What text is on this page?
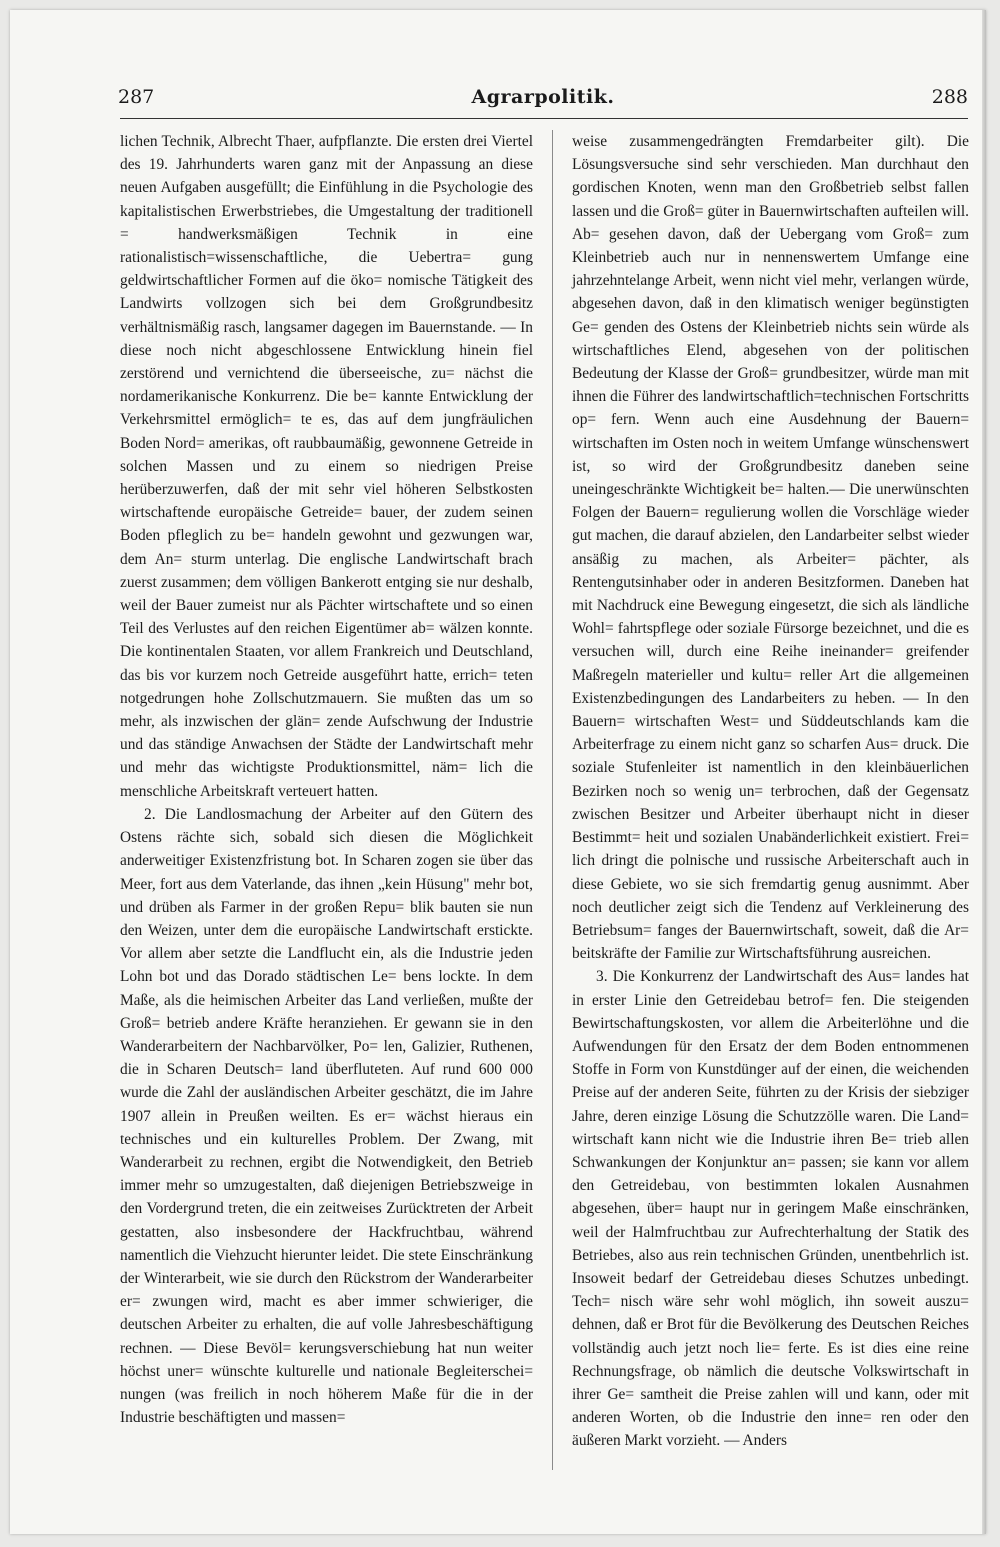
287	Agrarpolitik.	288

lichen Technik, Albrecht Thaer, aufpflanzte. Die ersten drei Viertel des 19. Jahrhunderts waren ganz mit der Anpassung an diese neuen Aufgaben ausgefüllt; die Einfühlung in die Psychologie des kapitalistischen Erwerbstriebes, die Umgestaltung der traditionell = handwerksmäßigen Technik in eine rationalistisch=wissenschaftliche, die Uebertra= gung geldwirtschaftlicher Formen auf die öko= nomische Tätigkeit des Landwirts vollzogen sich bei dem Großgrundbesitz verhältnismäßig rasch, langsamer dagegen im Bauernstande. — In diese noch nicht abgeschlossene Entwicklung hinein fiel zerstörend und vernichtend die überseeische, zu= nächst die nordamerikanische Konkurrenz. Die be= kannte Entwicklung der Verkehrsmittel ermöglich= te es, das auf dem jungfräulichen Boden Nord= amerikas, oft raubbaumäßig, gewonnene Getreide in solchen Massen und zu einem so niedrigen Preise herüberzuwerfen, daß der mit sehr viel höheren Selbstkosten wirtschaftende europäische Getreide= bauer, der zudem seinen Boden pfleglich zu be= handeln gewohnt und gezwungen war, dem An= sturm unterlag. Die englische Landwirtschaft brach zuerst zusammen; dem völligen Bankerott entging sie nur deshalb, weil der Bauer zumeist nur als Pächter wirtschaftete und so einen Teil des Verlustes auf den reichen Eigentümer ab= wälzen konnte. Die kontinentalen Staaten, vor allem Frankreich und Deutschland, das bis vor kurzem noch Getreide ausgeführt hatte, errich= teten notgedrungen hohe Zollschutzmauern. Sie mußten das um so mehr, als inzwischen der glän= zende Aufschwung der Industrie und das ständige Anwachsen der Städte der Landwirtschaft mehr und mehr das wichtigste Produktionsmittel, näm= lich die menschliche Arbeitskraft verteuert hatten.

2. Die Landlosmachung der Arbeiter auf den Gütern des Ostens rächte sich, sobald sich diesen die Möglichkeit anderweitiger Existenzfristung bot. In Scharen zogen sie über das Meer, fort aus dem Vaterlande, das ihnen „kein Hüsung" mehr bot, und drüben als Farmer in der großen Repu= blik bauten sie nun den Weizen, unter dem die europäische Landwirtschaft erstickte. Vor allem aber setzte die Landflucht ein, als die Industrie jeden Lohn bot und das Dorado städtischen Le= bens lockte. In dem Maße, als die heimischen Arbeiter das Land verließen, mußte der Groß= betrieb andere Kräfte heranziehen. Er gewann sie in den Wanderarbeitern der Nachbarvölker, Po= len, Galizier, Ruthenen, die in Scharen Deutsch= land überfluteten. Auf rund 600 000 wurde die Zahl der ausländischen Arbeiter geschätzt, die im Jahre 1907 allein in Preußen weilten. Es er= wächst hieraus ein technisches und ein kulturelles Problem. Der Zwang, mit Wanderarbeit zu rechnen, ergibt die Notwendigkeit, den Betrieb immer mehr so umzugestalten, daß diejenigen Betriebszweige in den Vordergrund treten, die ein zeitweises Zurücktreten der Arbeit gestatten, also insbesondere der Hackfruchtbau, während namentlich die Viehzucht hierunter leidet. Die stete Einschränkung der Winterarbeit, wie sie durch den Rückstrom der Wanderarbeiter er= zwungen wird, macht es aber immer schwieriger, die deutschen Arbeiter zu erhalten, die auf volle Jahresbeschäftigung rechnen. — Diese Bevöl= kerungsverschiebung hat nun weiter höchst uner= wünschte kulturelle und nationale Begleiterschei= nungen (was freilich in noch höherem Maße für die in der Industrie beschäftigten und massen=

weise zusammengedrängten Fremdarbeiter gilt). Die Lösungsversuche sind sehr verschieden. Man durchhaut den gordischen Knoten, wenn man den Großbetrieb selbst fallen lassen und die Groß= güter in Bauernwirtschaften aufteilen will. Ab= gesehen davon, daß der Uebergang vom Groß= zum Kleinbetrieb auch nur in nennenswertem Umfange eine jahrzehntelange Arbeit, wenn nicht viel mehr, verlangen würde, abgesehen davon, daß in den klimatisch weniger begünstigten Ge= genden des Ostens der Kleinbetrieb nichts sein würde als wirtschaftliches Elend, abgesehen von der politischen Bedeutung der Klasse der Groß= grundbesitzer, würde man mit ihnen die Führer des landwirtschaftlich=technischen Fortschritts op= fern. Wenn auch eine Ausdehnung der Bauern= wirtschaften im Osten noch in weitem Umfange wünschenswert ist, so wird der Großgrundbesitz daneben seine uneingeschränkte Wichtigkeit be= halten.— Die unerwünschten Folgen der Bauern= regulierung wollen die Vorschläge wieder gut machen, die darauf abzielen, den Landarbeiter selbst wieder ansäßig zu machen, als Arbeiter= pächter, als Rentengutsinhaber oder in anderen Besitzformen. Daneben hat mit Nachdruck eine Bewegung eingesetzt, die sich als ländliche Wohl= fahrtspflege oder soziale Fürsorge bezeichnet, und die es versuchen will, durch eine Reihe ineinander= greifender Maßregeln materieller und kultu= reller Art die allgemeinen Existenzbedingungen des Landarbeiters zu heben. — In den Bauern= wirtschaften West= und Süddeutschlands kam die Arbeiterfrage zu einem nicht ganz so scharfen Aus= druck. Die soziale Stufenleiter ist namentlich in den kleinbäuerlichen Bezirken noch so wenig un= terbrochen, daß der Gegensatz zwischen Besitzer und Arbeiter überhaupt nicht in dieser Bestimmt= heit und sozialen Unabänderlichkeit existiert. Frei= lich dringt die polnische und russische Arbeiterschaft auch in diese Gebiete, wo sie sich fremdartig genug ausnimmt. Aber noch deutlicher zeigt sich die Tendenz auf Verkleinerung des Betriebsum= fanges der Bauernwirtschaft, soweit, daß die Ar= beitskräfte der Familie zur Wirtschaftsführung ausreichen.

3. Die Konkurrenz der Landwirtschaft des Aus= landes hat in erster Linie den Getreidebau betrof= fen. Die steigenden Bewirtschaftungskosten, vor allem die Arbeiterlöhne und die Aufwendungen für den Ersatz der dem Boden entnommenen Stoffe in Form von Kunstdünger auf der einen, die weichenden Preise auf der anderen Seite, führten zu der Krisis der siebziger Jahre, deren einzige Lösung die Schutzzölle waren. Die Land= wirtschaft kann nicht wie die Industrie ihren Be= trieb allen Schwankungen der Konjunktur an= passen; sie kann vor allem den Getreidebau, von bestimmten lokalen Ausnahmen abgesehen, über= haupt nur in geringem Maße einschränken, weil der Halmfruchtbau zur Aufrechterhaltung der Statik des Betriebes, also aus rein technischen Gründen, unentbehrlich ist. Insoweit bedarf der Getreidebau dieses Schutzes unbedingt. Tech= nisch wäre sehr wohl möglich, ihn soweit auszu= dehnen, daß er Brot für die Bevölkerung des Deutschen Reiches vollständig auch jetzt noch lie= ferte. Es ist dies eine reine Rechnungsfrage, ob nämlich die deutsche Volkswirtschaft in ihrer Ge= samtheit die Preise zahlen will und kann, oder mit anderen Worten, ob die Industrie den inne= ren oder den äußeren Markt vorzieht. — Anders
